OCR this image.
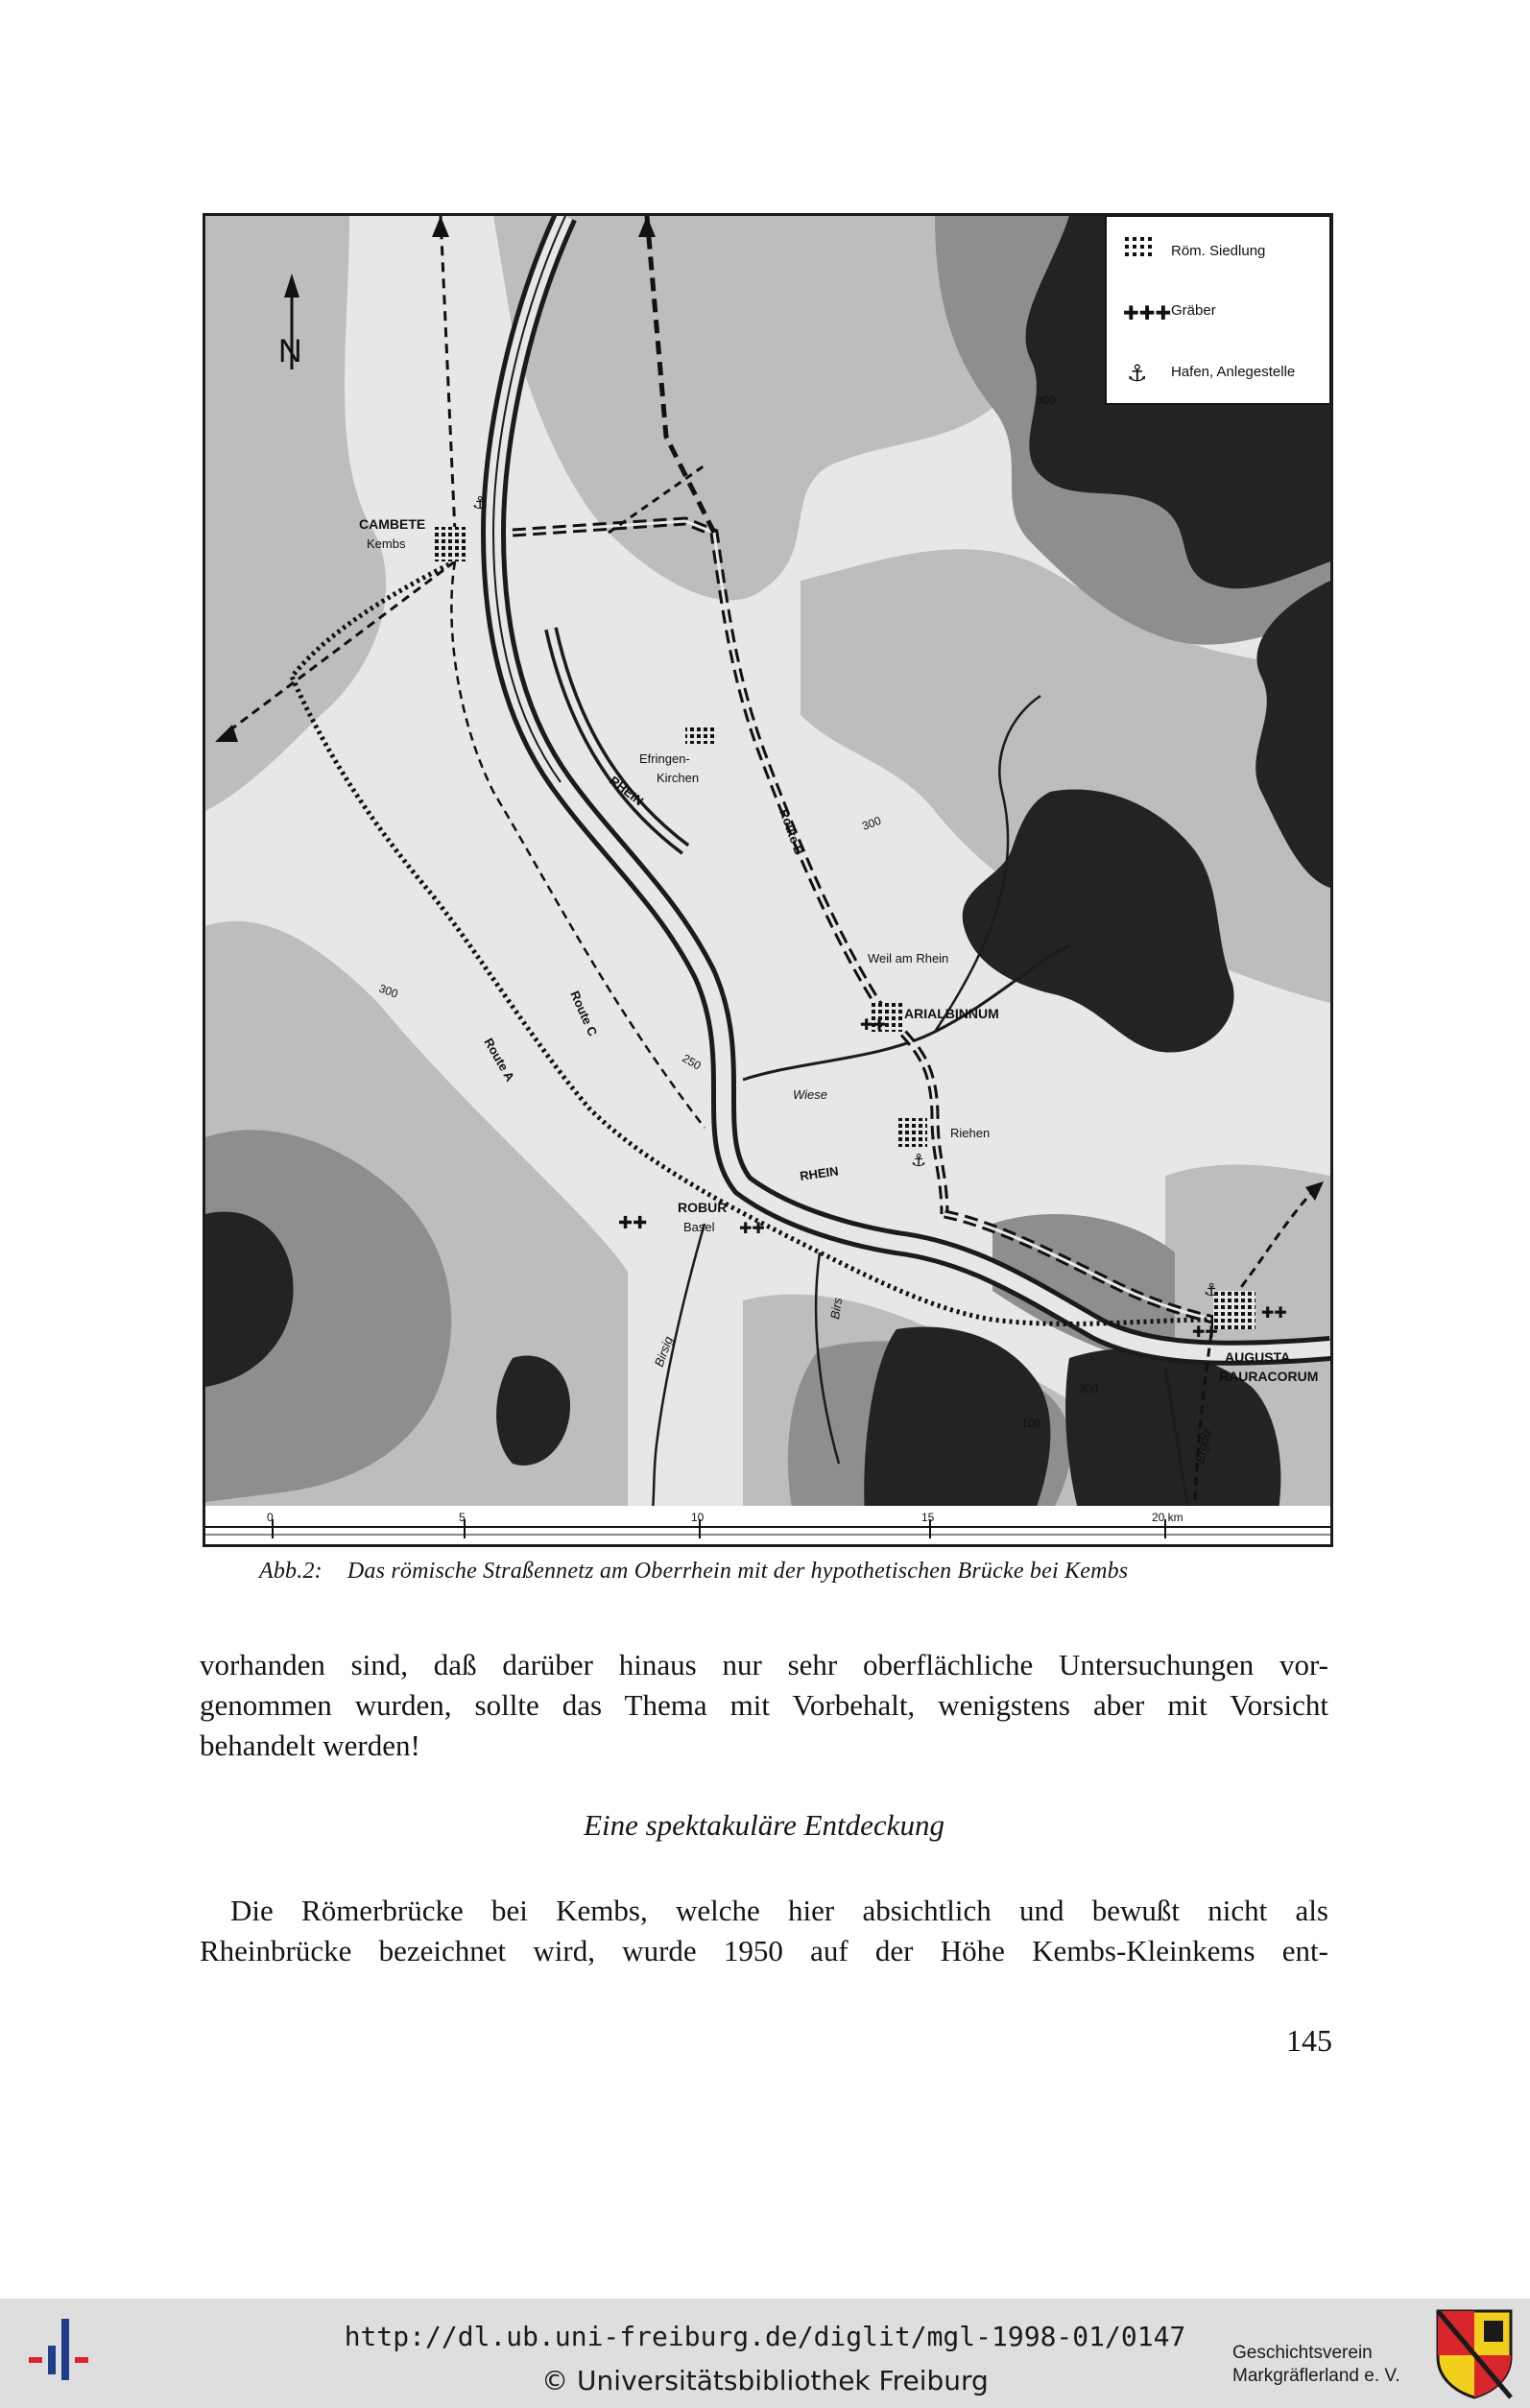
N
Röm. Siedlung
✚✚✚ Gräber
⚓ Hafen, Anlegestelle
✚✚	✚✚
✚✚
✚✚
✚✚
⚓
⚓
⚓
CAMBETE
Kembs
Efringen-
Kirchen
Weil am Rhein
ARIALBINNUM
Riehen
ROBUR
Basel
AUGUSTA
RAURACORUM
RHEIN
RHEIN
Wiese
Birsig
Birs
Ergolz
Route A
Route B
Route C
300
300
300
250
100
300
0	5	10	15	20 km
Abb.2: Das römische Straßennetz am Oberrhein mit der hypothetischen Brücke bei Kembs
vorhanden sind, daß darüber hinaus nur sehr oberflächliche Untersuchungen vor-
genommen wurden, sollte das Thema mit Vorbehalt, wenigstens aber mit Vorsicht
behandelt werden!
Eine spektakuläre Entdeckung
Die Römerbrücke bei Kembs, welche hier absichtlich und bewußt nicht als
Rheinbrücke bezeichnet wird, wurde 1950 auf der Höhe Kembs-Kleinkems ent-
145
http://dl.ub.uni-freiburg.de/diglit/mgl-1998-01/0147
© Universitätsbibliothek Freiburg
Geschichtsverein
Markgräflerland e. V.
